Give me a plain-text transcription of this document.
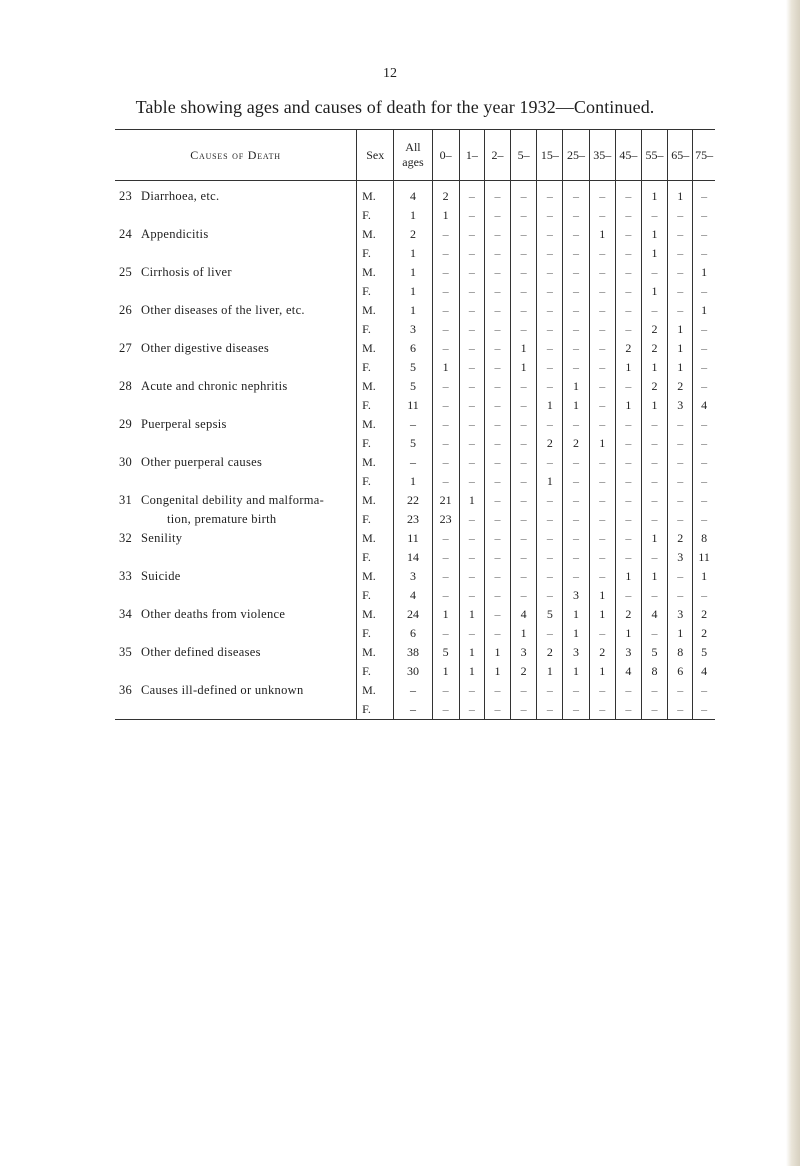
12
Table showing ages and causes of death for the year 1932—Continued.
Causes of Death	Sex	All ages	0–	1–	2–	5–	15–	25–	35–	45–	55–	65–	75–
23 Diarrhoea, etc.	M.	4	2	–	–	–	–	–	–	–	1	1	–
	F.	1	1	–	–	–	–	–	–	–	–	–	–
24 Appendicitis	M.	2	–	–	–	–	–	–	1	–	1	–	–
	F.	1	–	–	–	–	–	–	–	–	1	–	–
25 Cirrhosis of liver	M.	1	–	–	–	–	–	–	–	–	–	–	1
	F.	1	–	–	–	–	–	–	–	–	1	–	–
26 Other diseases of the liver, etc.	M.	1	–	–	–	–	–	–	–	–	–	–	1
	F.	3	–	–	–	–	–	–	–	–	2	1	–
27 Other digestive diseases	M.	6	–	–	–	1	–	–	–	2	2	1	–
	F.	5	1	–	–	1	–	–	–	1	1	1	–
28 Acute and chronic nephritis	M.	5	–	–	–	–	–	1	–	–	2	2	–
	F.	11	–	–	–	–	1	1	–	1	1	3	4
29 Puerperal sepsis	M.	–	–	–	–	–	–	–	–	–	–	–	–
	F.	5	–	–	–	–	2	2	1	–	–	–	–
30 Other puerperal causes	M.	–	–	–	–	–	–	–	–	–	–	–	–
	F.	1	–	–	–	–	1	–	–	–	–	–	–
31 Congenital debility and malforma-	M.	22	21	1	–	–	–	–	–	–	–	–	–
tion, premature birth	F.	23	23	–	–	–	–	–	–	–	–	–	–
32 Senility	M.	11	–	–	–	–	–	–	–	–	1	2	8
	F.	14	–	–	–	–	–	–	–	–	–	3	11
33 Suicide	M.	3	–	–	–	–	–	–	–	1	1	–	1
	F.	4	–	–	–	–	–	3	1	–	–	–	–
34 Other deaths from violence	M.	24	1	1	–	4	5	1	1	2	4	3	2
	F.	6	–	–	–	1	–	1	–	1	–	1	2
35 Other defined diseases	M.	38	5	1	1	3	2	3	2	3	5	8	5
	F.	30	1	1	1	2	1	1	1	4	8	6	4
36 Causes ill-defined or unknown	M.	–	–	–	–	–	–	–	–	–	–	–	–
	F.	–	–	–	–	–	–	–	–	–	–	–	–
